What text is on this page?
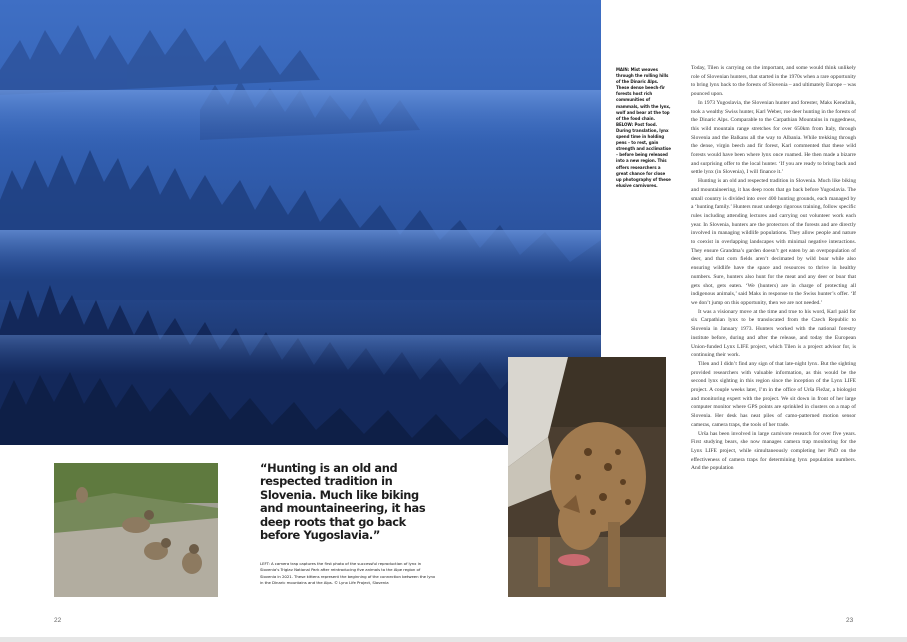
“Hunting is an old and respected tradition in Slovenia. Much like biking and mountaineering, it has deep roots that go back before Yugoslavia.”
LEFT: A camera trap captures the first photo of the successful reproduction of lynx in Slovenia’s Triglav National Park after reintroducing five animals to the Alpe region of Slovenia in 2021. These kittens represent the beginning of the connection between the lynx in the Dinaric mountains and the Alps. © Lynx Life Project, Slovenia
22
MAIN: Mist weaves through the rolling hills of the Dinaric Alps. These dense beech-fir forests host rich communities of mammals, with the lynx, wolf and bear at the top of the food chain. BELOW: Post food. During translation, lynx spend time in holding pens – to rest, gain strength and acclimatise – before being released into a new region. This offers researchers a great chance for close up photography of these elusive carnivores.

Today, Tilen is carrying on the important, and some would think unlikely role of Slovenian hunters, that started in the 1970s when a rare opportunity to bring lynx back to the forests of Slovenia – and ultimately Europe – was pounced upon.

In 1973 Yugoslavia, the Slovenian hunter and forester, Maks Kenežnik, took a wealthy Swiss hunter, Karl Weber, roe deer hunting in the forests of the Dinaric Alps. Comparable to the Carpathian Mountains in ruggedness, this wild mountain range stretches for over 650km from Italy, through Slovenia and the Balkans all the way to Albania. While trekking through the dense, virgin beech and fir forest, Karl commented that these wild forests would have been where lynx once roamed. He then made a bizarre and surprising offer to the local hunter. ‘If you are ready to bring back and settle lynx (in Slovenia), I will finance it.’

Hunting is an old and respected tradition in Slovenia. Much like biking and mountaineering, it has deep roots that go back before Yugoslavia. The small country is divided into over 400 hunting grounds, each managed by a ‘hunting family.’ Hunters must undergo rigorous training, follow specific rules including attending lectures and carrying out volunteer work each year. In Slovenia, hunters are the protectors of the forests and are directly involved in managing wildlife populations. They allow people and nature to coexist in overlapping landscapes with minimal negative interactions. They ensure Grandma’s garden doesn’t get eaten by an overpopulation of deer, and that corn fields aren’t decimated by wild boar while also ensuring wildlife have the space and resources to thrive in healthy numbers. Sure, hunters also hunt for the meat and any deer or boar that gets shot, gets eaten. ‘We (hunters) are in charge of protecting all indigenous animals,’ said Maks in response to the Swiss hunter’s offer. ‘If we don’t jump on this opportunity, then we are not needed.’

It was a visionary move at the time and true to his word, Karl paid for six Carpathian lynx to be translocated from the Czech Republic to Slovenia in January 1973. Hunters worked with the national forestry institute before, during and after the release, and today the European Union-funded Lynx LIFE project, which Tilen is a project advisor for, is continuing their work.

Tilen and I didn’t find any sign of that late-night lynx. But the sighting provided researchers with valuable information, as this would be the second lynx sighting in this region since the inception of the Lynx LIFE project. A couple weeks later, I’m in the office of Urša Fležar, a biologist and monitoring expert with the project. We sit down in front of her large computer monitor where GPS points are sprinkled in clusters on a map of Slovenia. Her desk has neat piles of camo-patterned motion sensor cameras, camera traps, the tools of her trade.

Urša has been involved in large carnivore research for over five years. First studying bears, she now manages camera trap monitoring for the Lynx LIFE project, while simultaneously completing her PhD on the effectiveness of camera traps for determining lynx population numbers. And the population

23
